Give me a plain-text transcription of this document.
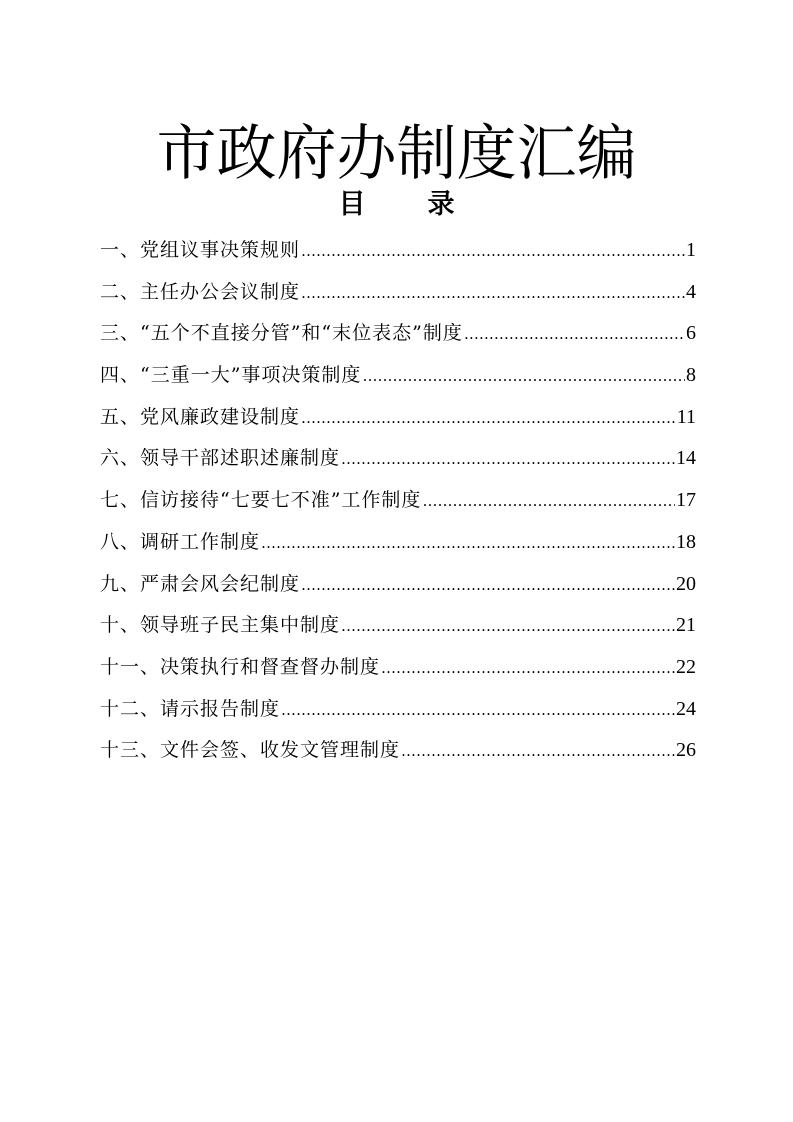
市政府办制度汇编
目 录
一、党组议事决策规则 ……………………………………………………………………………………………………………………………………………………………………………………………	1
二、主任办公会议制度 ……………………………………………………………………………………………………………………………………………………………………………………………	4
三、“五个不直接分管”和“末位表态”制度 ……………………………………………………………………………………………………………………………………………………………………………………………	6
四、“三重一大”事项决策制度 ……………………………………………………………………………………………………………………………………………………………………………………………	8
五、党风廉政建设制度 ……………………………………………………………………………………………………………………………………………………………………………………………	11
六、领导干部述职述廉制度 ……………………………………………………………………………………………………………………………………………………………………………………………	14
七、信访接待“七要七不准”工作制度 ……………………………………………………………………………………………………………………………………………………………………………………………	17
八、调研工作制度 ……………………………………………………………………………………………………………………………………………………………………………………………	18
九、严肃会风会纪制度 ……………………………………………………………………………………………………………………………………………………………………………………………	20
十、领导班子民主集中制度 ……………………………………………………………………………………………………………………………………………………………………………………………	21
十一、决策执行和督查督办制度 ……………………………………………………………………………………………………………………………………………………………………………………………	22
十二、请示报告制度 ……………………………………………………………………………………………………………………………………………………………………………………………	24
十三、文件会签、收发文管理制度 ……………………………………………………………………………………………………………………………………………………………………………………………	26
